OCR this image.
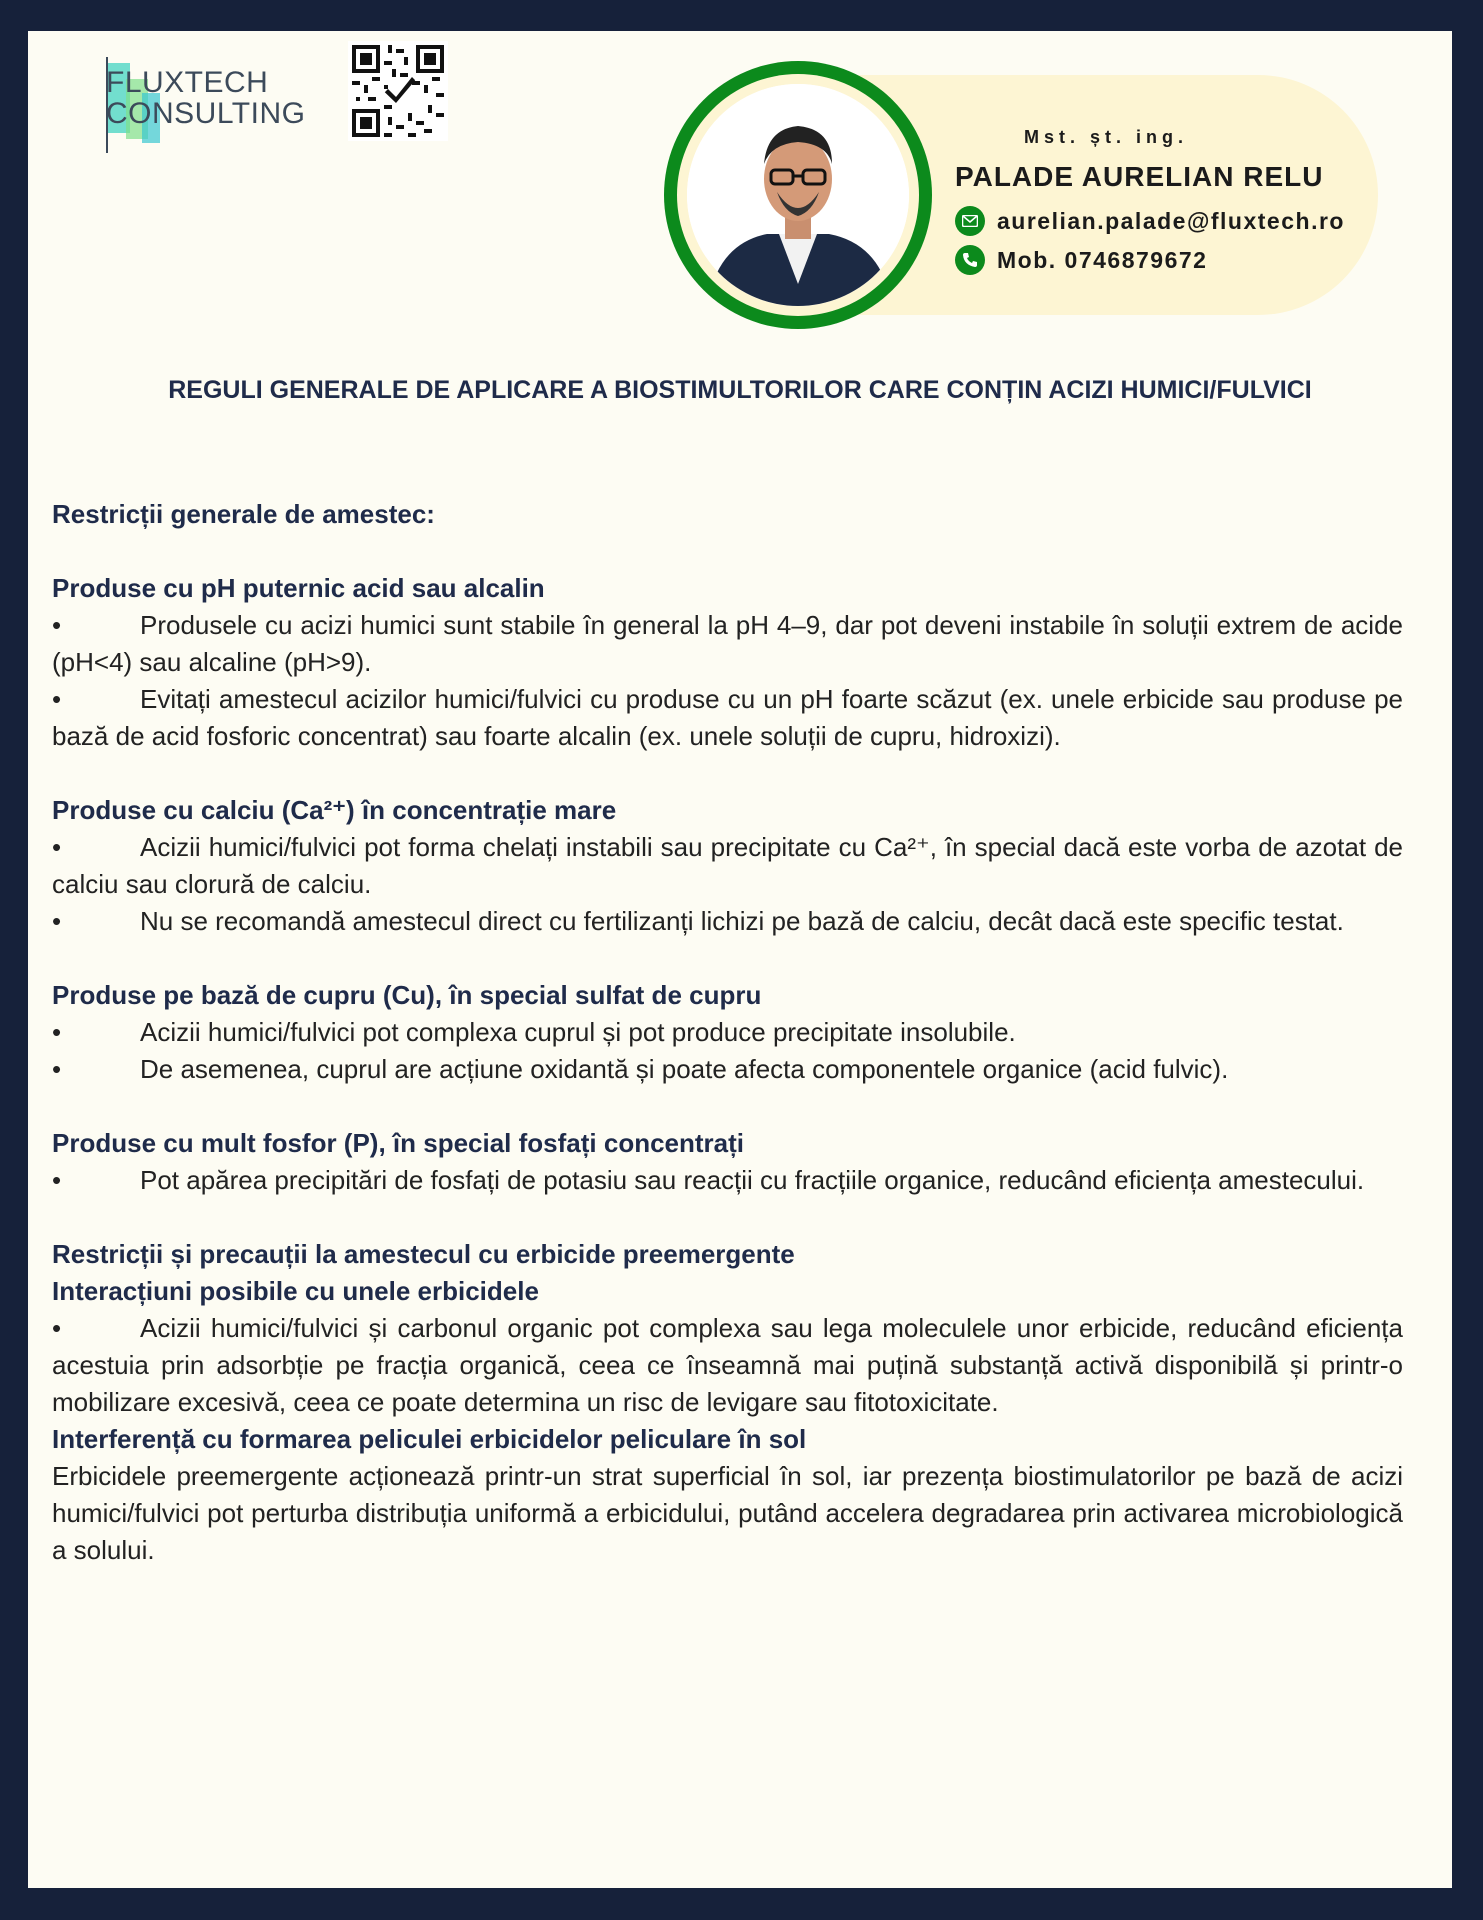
FLUXTECH
CONSULTING
Mst. șt. ing.
PALADE AURELIAN RELU
aurelian.palade@fluxtech.ro
Mob. 0746879672
REGULI GENERALE DE APLICARE A BIOSTIMULTORILOR CARE CONȚIN ACIZI HUMICI/FULVICI
Restricții generale de amestec:
Produse cu pH puternic acid sau alcalin
•	Produsele cu acizi humici sunt stabile în general la pH 4–9, dar pot deveni instabile în soluții extrem de acide (pH<4) sau alcaline (pH>9).
•	Evitați amestecul acizilor humici/fulvici cu produse cu un pH foarte scăzut (ex. unele erbicide sau produse pe bază de acid fosforic concentrat) sau foarte alcalin (ex. unele soluții de cupru, hidroxizi).
Produse cu calciu (Ca²⁺) în concentrație mare
•	Acizii humici/fulvici pot forma chelați instabili sau precipitate cu Ca²⁺, în special dacă este vorba de azotat de calciu sau clorură de calciu.
•	Nu se recomandă amestecul direct cu fertilizanți lichizi pe bază de calciu, decât dacă este specific testat.
Produse pe bază de cupru (Cu), în special sulfat de cupru
•	Acizii humici/fulvici pot complexa cuprul și pot produce precipitate insolubile.
•	De asemenea, cuprul are acțiune oxidantă și poate afecta componentele organice (acid fulvic).
Produse cu mult fosfor (P), în special fosfați concentrați
•	Pot apărea precipitări de fosfați de potasiu sau reacții cu fracțiile organice, reducând eficiența amestecului.
Restricții și precauții la amestecul cu erbicide preemergente
Interacțiuni posibile cu unele erbicidele
•	Acizii humici/fulvici și carbonul organic pot complexa sau lega moleculele unor erbicide, reducând eficiența acestuia prin adsorbție pe fracția organică, ceea ce înseamnă mai puțină substanță activă disponibilă și printr-o mobilizare excesivă, ceea ce poate determina un risc de levigare sau fitotoxicitate.
Interferență cu formarea peliculei erbicidelor peliculare în sol
Erbicidele preemergente acționează printr-un strat superficial în sol, iar prezența biostimulatorilor pe bază de acizi humici/fulvici pot perturba distribuția uniformă a erbicidului, putând accelera degradarea prin activarea microbiologică a solului.
